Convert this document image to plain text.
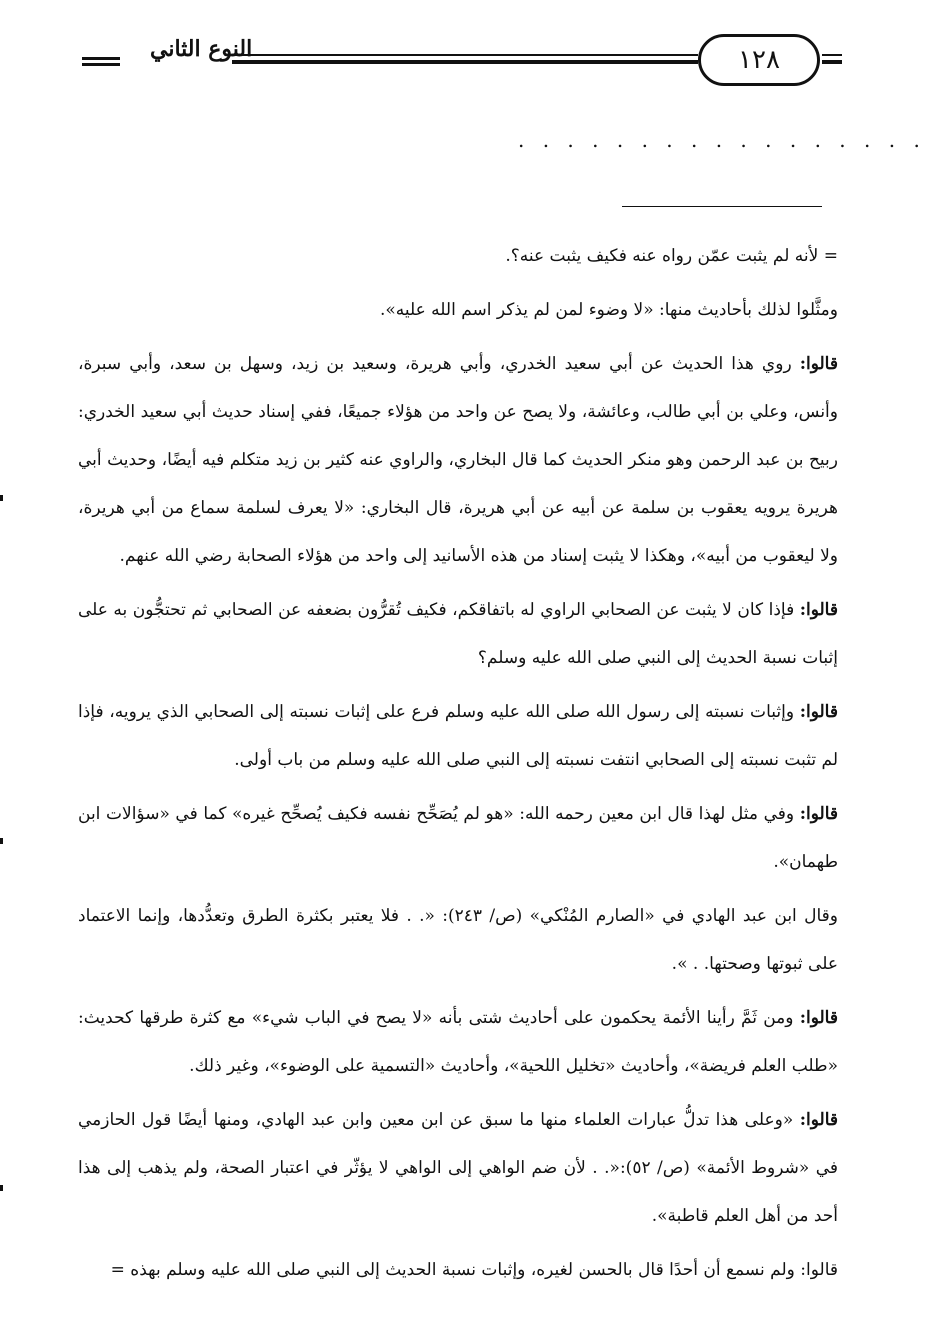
النوع الثاني	١٢٨
. . . . . . . . . . . . . . . . .

= لأنه لم يثبت عمّن رواه عنه فكيف يثبت عنه؟.

ومثَّلوا لذلك بأحاديث منها: «لا وضوء لمن لم يذكر اسم الله عليه».

قالوا: روي هذا الحديث عن أبي سعيد الخدري، وأبي هريرة، وسعيد بن زيد، وسهل بن سعد، وأبي سبرة، وأنس، وعلي بن أبي طالب، وعائشة، ولا يصح عن واحد من هؤلاء جميعًا، ففي إسناد حديث أبي سعيد الخدري: ربيح بن عبد الرحمن وهو منكر الحديث كما قال البخاري، والراوي عنه كثير بن زيد متكلم فيه أيضًا، وحديث أبي هريرة يرويه يعقوب بن سلمة عن أبيه عن أبي هريرة، قال البخاري: «لا يعرف لسلمة سماع من أبي هريرة، ولا ليعقوب من أبيه»، وهكذا لا يثبت إسناد من هذه الأسانيد إلى واحد من هؤلاء الصحابة رضي الله عنهم.

قالوا: فإذا كان لا يثبت عن الصحابي الراوي له باتفاقكم، فكيف تُقرُّون بضعفه عن الصحابي ثم تحتجُّون به على إثبات نسبة الحديث إلى النبي صلى الله عليه وسلم؟

قالوا: وإثبات نسبته إلى رسول الله صلى الله عليه وسلم فرع على إثبات نسبته إلى الصحابي الذي يرويه، فإذا لم تثبت نسبته إلى الصحابي انتفت نسبته إلى النبي صلى الله عليه وسلم من باب أولى.

قالوا: وفي مثل لهذا قال ابن معين رحمه الله: «هو لم يُصَحِّح نفسه فكيف يُصحِّح غيره» كما في «سؤالات ابن طهمان».

وقال ابن عبد الهادي في «الصارم المُنْكي» (ص/ ٢٤٣): «. . فلا يعتبر بكثرة الطرق وتعدُّدها، وإنما الاعتماد على ثبوتها وصحتها. . ».

قالوا: ومن ثَمَّ رأينا الأئمة يحكمون على أحاديث شتى بأنه «لا يصح في الباب شيء» مع كثرة طرقها كحديث: «طلب العلم فريضة»، وأحاديث «تخليل اللحية»، وأحاديث «التسمية على الوضوء»، وغير ذلك.

قالوا: «وعلى هذا تدلُّ عبارات العلماء منها ما سبق عن ابن معين وابن عبد الهادي، ومنها أيضًا قول الحازمي في «شروط الأئمة» (ص/ ٥٢):«. . لأن ضم الواهي إلى الواهي لا يؤثّر في اعتبار الصحة، ولم يذهب إلى هذا أحد من أهل العلم قاطبة».

قالوا: ولم نسمع أن أحدًا قال بالحسن لغيره، وإثبات نسبة الحديث إلى النبي صلى الله عليه وسلم بهذه =
